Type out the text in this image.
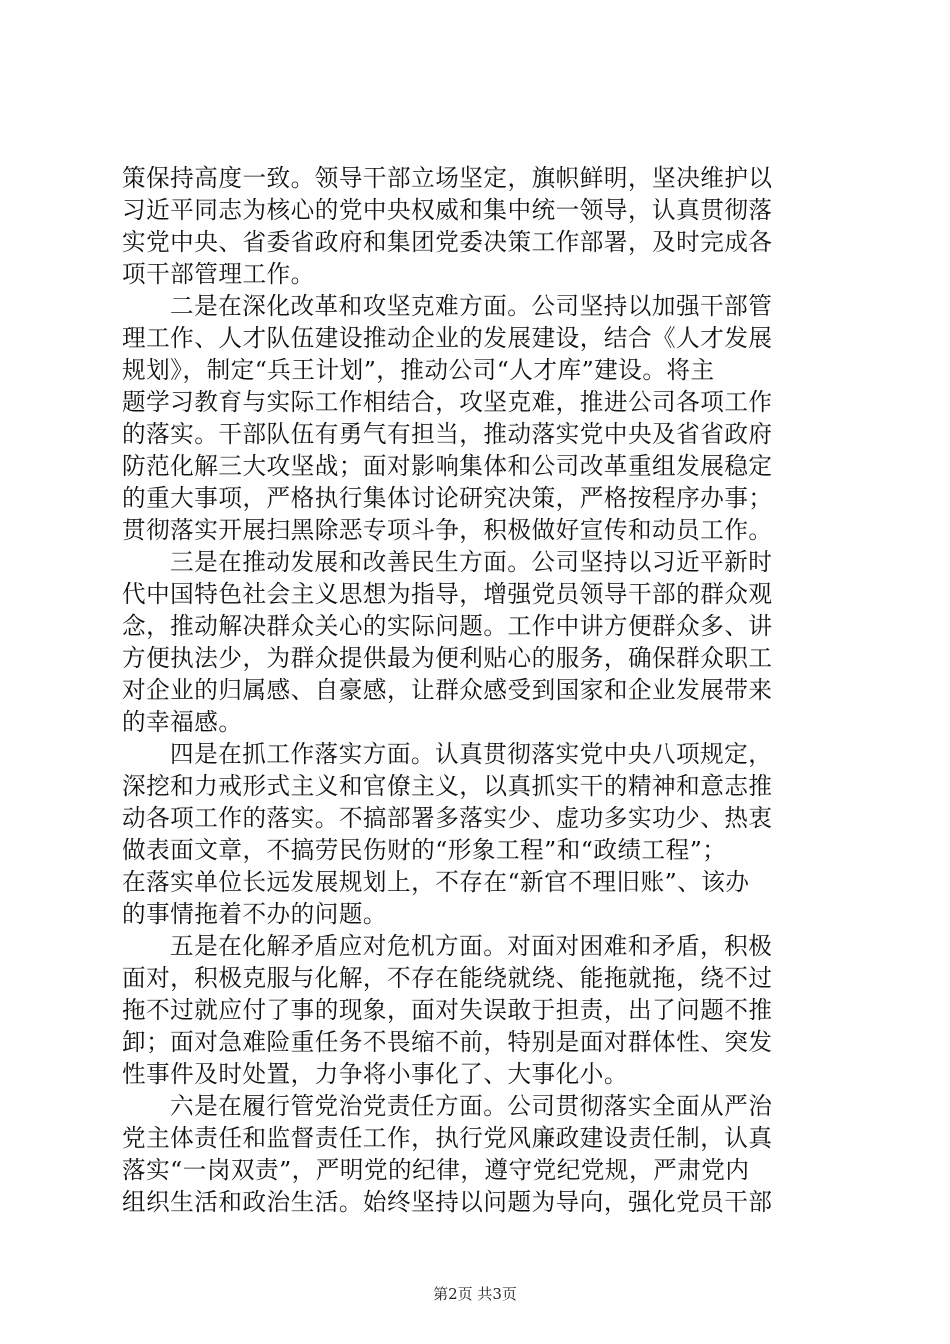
策保持高度一致。领导干部立场坚定，旗帜鲜明，坚决维护以
习近平同志为核心的党中央权威和集中统一领导，认真贯彻落
实党中央、省委省政府和集团党委决策工作部署，及时完成各
项干部管理工作。
二是在深化改革和攻坚克难方面。公司坚持以加强干部管
理工作、人才队伍建设推动企业的发展建设，结合《人才发展
规划》，制定“兵王计划”，推动公司“人才库”建设。将主
题学习教育与实际工作相结合，攻坚克难，推进公司各项工作
的落实。干部队伍有勇气有担当，推动落实党中央及省省政府
防范化解三大攻坚战；面对影响集体和公司改革重组发展稳定
的重大事项，严格执行集体讨论研究决策，严格按程序办事；
贯彻落实开展扫黑除恶专项斗争，积极做好宣传和动员工作。
三是在推动发展和改善民生方面。公司坚持以习近平新时
代中国特色社会主义思想为指导，增强党员领导干部的群众观
念，推动解决群众关心的实际问题。工作中讲方便群众多、讲
方便执法少，为群众提供最为便利贴心的服务，确保群众职工
对企业的归属感、自豪感，让群众感受到国家和企业发展带来
的幸福感。
四是在抓工作落实方面。认真贯彻落实党中央八项规定，
深挖和力戒形式主义和官僚主义，以真抓实干的精神和意志推
动各项工作的落实。不搞部署多落实少、虚功多实功少、热衷
做表面文章，不搞劳民伤财的“形象工程”和“政绩工程”；
在落实单位长远发展规划上，不存在“新官不理旧账”、该办
的事情拖着不办的问题。
五是在化解矛盾应对危机方面。对面对困难和矛盾，积极
面对，积极克服与化解，不存在能绕就绕、能拖就拖，绕不过
拖不过就应付了事的现象，面对失误敢于担责，出了问题不推
卸；面对急难险重任务不畏缩不前，特别是面对群体性、突发
性事件及时处置，力争将小事化了、大事化小。
六是在履行管党治党责任方面。公司贯彻落实全面从严治
党主体责任和监督责任工作，执行党风廉政建设责任制，认真
落实“一岗双责”，严明党的纪律，遵守党纪党规，严肃党内
组织生活和政治生活。始终坚持以问题为导向，强化党员干部
第2页 共3页
